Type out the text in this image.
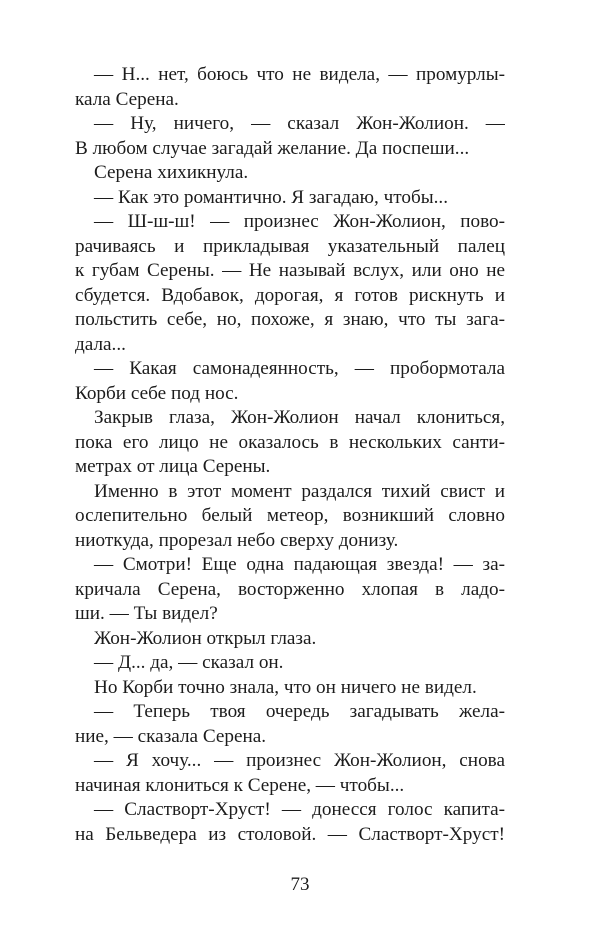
— Н... нет, боюсь что не видела, — промурлы-
кала Серена.
— Ну, ничего, — сказал Жон-Жолион. —
В любом случае загадай желание. Да поспеши...
Серена хихикнула.
— Как это романтично. Я загадаю, чтобы...
— Ш-ш-ш! — произнес Жон-Жолион, пово-
рачиваясь и прикладывая указательный палец
к губам Серены. — Не называй вслух, или оно не
сбудется. Вдобавок, дорогая, я готов рискнуть и
польстить себе, но, похоже, я знаю, что ты зага-
дала...
— Какая самонадеянность, — пробормотала
Корби себе под нос.
Закрыв глаза, Жон-Жолион начал клониться,
пока его лицо не оказалось в нескольких санти-
метрах от лица Серены.
Именно в этот момент раздался тихий свист и
ослепительно белый метеор, возникший словно
ниоткуда, прорезал небо сверху донизу.
— Смотри! Еще одна падающая звезда! — за-
кричала Серена, восторженно хлопая в ладо-
ши. — Ты видел?
Жон-Жолион открыл глаза.
— Д... да, — сказал он.
Но Корби точно знала, что он ничего не видел.
— Теперь твоя очередь загадывать жела-
ние, — сказала Серена.
— Я хочу... — произнес Жон-Жолион, снова
начиная клониться к Серене, — чтобы...
— Сластворт-Хруст! — донесся голос капита-
на Бельведера из столовой. — Сластворт-Хруст!
73
